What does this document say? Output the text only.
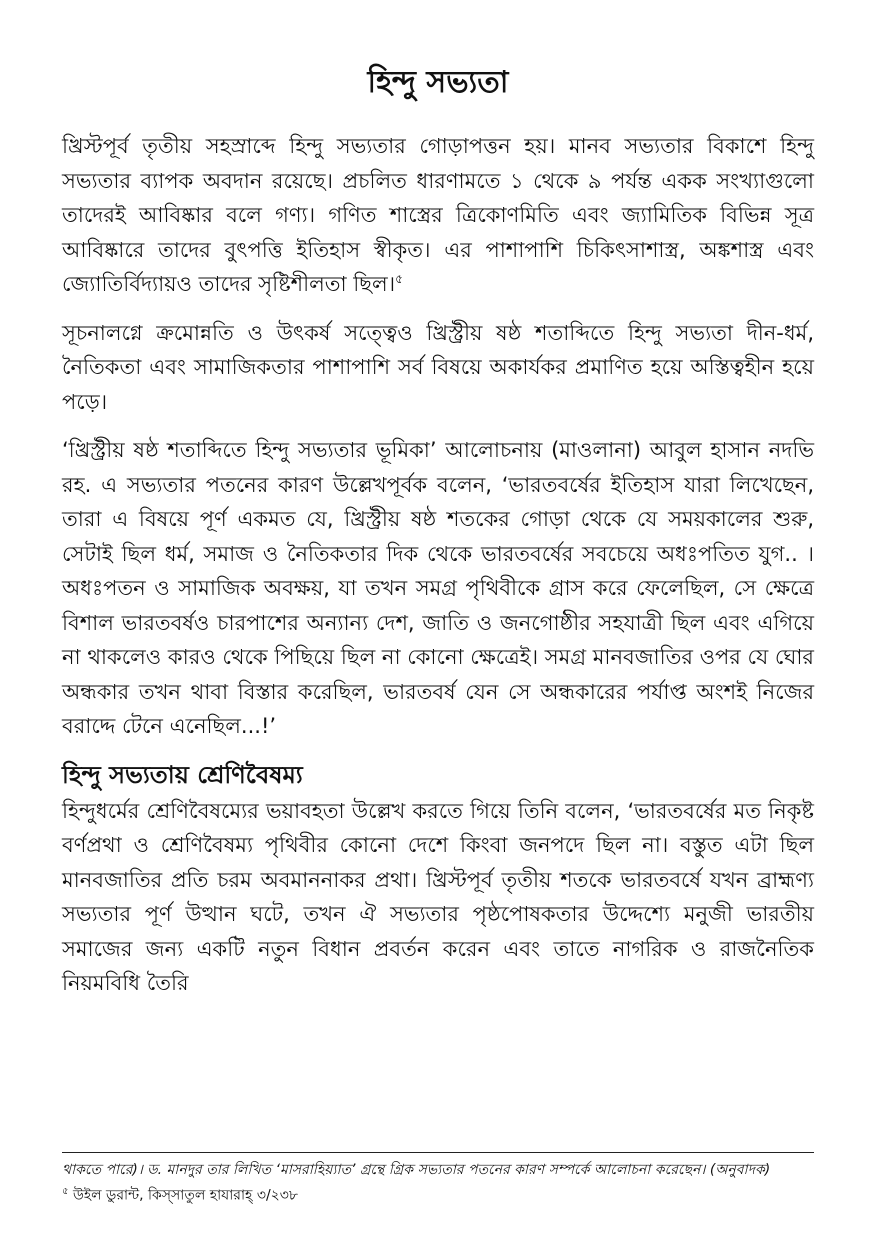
হিন্দু সভ্যতা

খ্রিস্টপূর্ব তৃতীয় সহস্রাব্দে হিন্দু সভ্যতার গোড়াপত্তন হয়। মানব সভ্যতার বিকাশে হিন্দু সভ্যতার ব্যাপক অবদান রয়েছে। প্রচলিত ধারণামতে ১ থেকে ৯ পর্যন্ত একক সংখ্যাগুলো তাদেরই আবিষ্কার বলে গণ্য। গণিত শাস্ত্রের ত্রিকোণমিতি এবং জ্যামিতিক বিভিন্ন সূত্র আবিষ্কারে তাদের বুৎপত্তি ইতিহাস স্বীকৃত। এর পাশাপাশি চিকিৎসাশাস্ত্র, অঙ্কশাস্ত্র এবং জ্যোতির্বিদ্যায়ও তাদের সৃষ্টিশীলতা ছিল।$^৫$

সূচনালগ্নে ক্রমোন্নতি ও উৎকর্ষ সত্ত্বেও খ্রিস্ট্রীয় ষষ্ঠ শতাব্দিতে হিন্দু সভ্যতা দীন-ধর্ম, নৈতিকতা এবং সামাজিকতার পাশাপাশি সর্ব বিষয়ে অকার্যকর প্রমাণিত হয়ে অস্তিত্বহীন হয়ে পড়ে।

‘খ্রিস্ট্রীয় ষষ্ঠ শতাব্দিতে হিন্দু সভ্যতার ভূমিকা’ আলোচনায় (মাওলানা) আবুল হাসান নদভি রহ. এ সভ্যতার পতনের কারণ উল্লেখপূর্বক বলেন, ‘ভারতবর্ষের ইতিহাস যারা লিখেছেন, তারা এ বিষয়ে পূর্ণ একমত যে, খ্রিস্ট্রীয় ষষ্ঠ শতকের গোড়া থেকে যে সময়কালের শুরু, সেটাই ছিল ধর্ম, সমাজ ও নৈতিকতার দিক থেকে ভারতবর্ষের সবচেয়ে অধঃপতিত যুগ.. । অধঃপতন ও সামাজিক অবক্ষয়, যা তখন সমগ্র পৃথিবীকে গ্রাস করে ফেলেছিল, সে ক্ষেত্রে বিশাল ভারতবর্ষও চারপাশের অন্যান্য দেশ, জাতি ও জনগোষ্ঠীর সহযাত্রী ছিল এবং এগিয়ে না থাকলেও কারও থেকে পিছিয়ে ছিল না কোনো ক্ষেত্রেই। সমগ্র মানবজাতির ওপর যে ঘোর অন্ধকার তখন থাবা বিস্তার করেছিল, ভারতবর্ষ যেন সে অন্ধকারের পর্যাপ্ত অংশই নিজের বরাদ্দে টেনে এনেছিল...!’

হিন্দু সভ্যতায় শ্রেণিবৈষম্য

হিন্দুধর্মের শ্রেণিবৈষম্যের ভয়াবহতা উল্লেখ করতে গিয়ে তিনি বলেন, ‘ভারতবর্ষের মত নিকৃষ্ট বর্ণপ্রথা ও শ্রেণিবৈষম্য পৃথিবীর কোনো দেশে কিংবা জনপদে ছিল না। বস্তুত এটা ছিল মানবজাতির প্রতি চরম অবমাননাকর প্রথা। খ্রিস্টপূর্ব তৃতীয় শতকে ভারতবর্ষে যখন ব্রাহ্মণ্য সভ্যতার পূর্ণ উত্থান ঘটে, তখন ঐ সভ্যতার পৃষ্ঠপোষকতার উদ্দেশ্যে মনুজী ভারতীয় সমাজের জন্য একটি নতুন বিধান প্রবর্তন করেন এবং তাতে নাগরিক ও রাজনৈতিক নিয়মবিধি তৈরি

থাকতে পারে)। ড. মানদুর তার লিখিত ‘মাসরাহিয়্যাত’ গ্রন্থে গ্রিক সভ্যতার পতনের কারণ সম্পর্কে আলোচনা করেছেন। (অনুবাদক)

$^৫$ উইল ডুরান্ট, কিস্সাতুল হাযারাহ্‌ ৩/২৩৮
